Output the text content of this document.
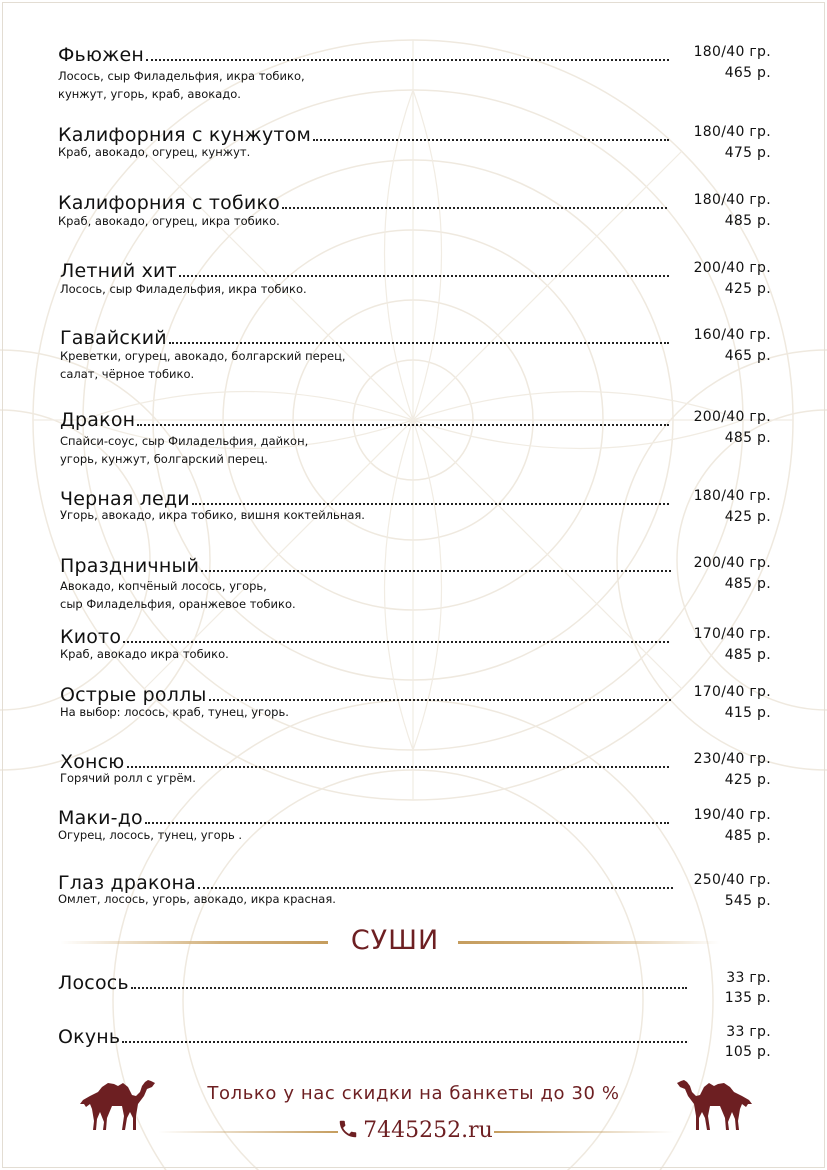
Фьюжен
Лосось, сыр Филадельфия, икра тобико,
кунжут, угорь, краб, авокадо.
180/40 гр.
465 р.
Калифорния с кунжутом
Краб, авокадо, огурец, кунжут.
180/40 гр.
475 р.
Калифорния с тобико
Краб, авокадо, огурец, икра тобико.
180/40 гр.
485 р.
Летний хит
Лосось, сыр Филадельфия, икра тобико.
200/40 гр.
425 р.
Гавайский
Креветки, огурец, авокадо, болгарский перец,
салат, чёрное тобико.
160/40 гр.
465 р.
Дракон
Спайси-соус, сыр Филадельфия, дайкон,
угорь, кунжут, болгарский перец.
200/40 гр.
485 р.
Черная леди
Угорь, авокадо, икра тобико, вишня коктейльная.
180/40 гр.
425 р.
Праздничный
Авокадо, копчёный лосось, угорь,
сыр Филадельфия, оранжевое тобико.
200/40 гр.
485 р.
Киото
Краб, авокадо икра тобико.
170/40 гр.
485 р.
Острые роллы
На выбор: лосось, краб, тунец, угорь.
170/40 гр.
415 р.
Хонсю
Горячий ролл с угрём.
230/40 гр.
425 р.
Маки-до
Огурец, лосось, тунец, угорь .
190/40 гр.
485 р.
Глаз дракона
Омлет, лосось, угорь, авокадо, икра красная.
250/40 гр.
545 р.
СУШИ
Лосось	33 гр.
135 р.
Окунь	33 гр.
105 р.
Только у нас скидки на банкеты до 30 %
7445252.ru
